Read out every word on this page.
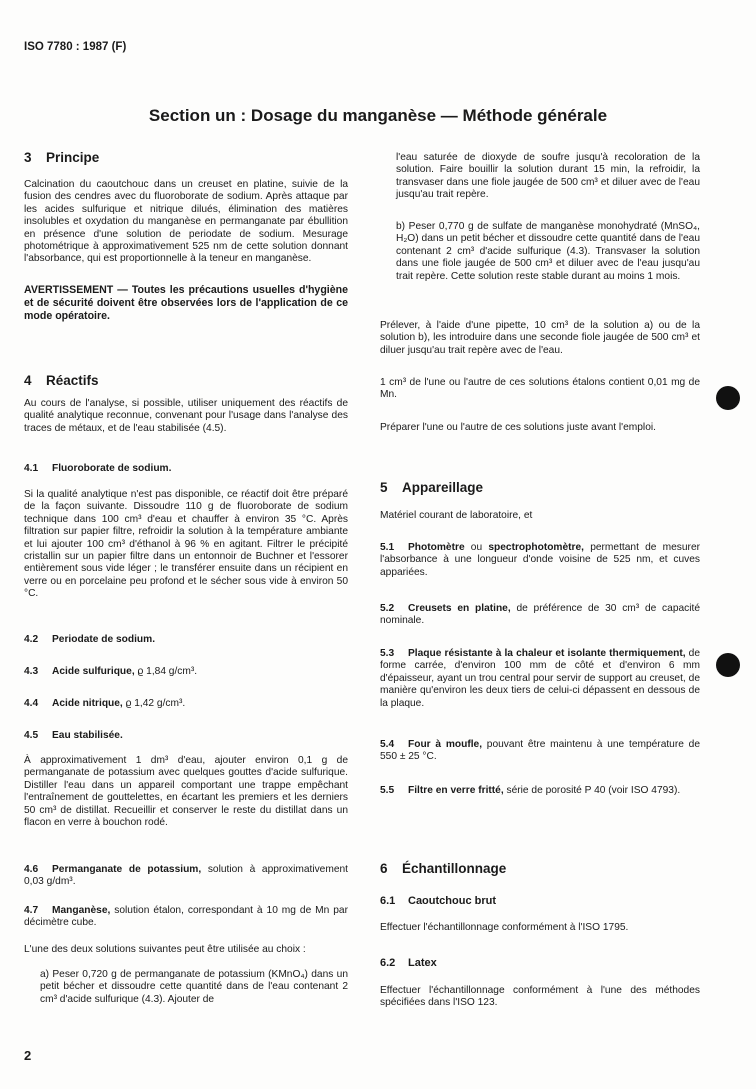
ISO 7780 : 1987 (F)
Section un : Dosage du manganèse — Méthode générale
3 Principe
Calcination du caoutchouc dans un creuset en platine, suivie de la fusion des cendres avec du fluoroborate de sodium. Après attaque par les acides sulfurique et nitrique dilués, élimination des matières insolubles et oxydation du manganèse en permanganate par ébullition en présence d'une solution de periodate de sodium. Mesurage photométrique à approximativement 525 nm de cette solution donnant l'absorbance, qui est proportionnelle à la teneur en manganèse.
AVERTISSEMENT — Toutes les précautions usuelles d'hygiène et de sécurité doivent être observées lors de l'application de ce mode opératoire.
4 Réactifs
Au cours de l'analyse, si possible, utiliser uniquement des réactifs de qualité analytique reconnue, convenant pour l'usage dans l'analyse des traces de métaux, et de l'eau stabilisée (4.5).
4.1 Fluoroborate de sodium.
Si la qualité analytique n'est pas disponible, ce réactif doit être préparé de la façon suivante. Dissoudre 110 g de fluoroborate de sodium technique dans 100 cm³ d'eau et chauffer à environ 35 °C. Après filtration sur papier filtre, refroidir la solution à la température ambiante et lui ajouter 100 cm³ d'éthanol à 96 % en agitant. Filtrer le précipité cristallin sur un papier filtre dans un entonnoir de Buchner et l'essorer entièrement sous vide léger ; le transférer ensuite dans un récipient en verre ou en porcelaine peu profond et le sécher sous vide à environ 50 °C.
4.2 Periodate de sodium.
4.3 Acide sulfurique, ϱ 1,84 g/cm³.
4.4 Acide nitrique, ϱ 1,42 g/cm³.
4.5 Eau stabilisée.
À approximativement 1 dm³ d'eau, ajouter environ 0,1 g de permanganate de potassium avec quelques gouttes d'acide sulfurique. Distiller l'eau dans un appareil comportant une trappe empêchant l'entraînement de gouttelettes, en écartant les premiers et les derniers 50 cm³ de distillat. Recueillir et conserver le reste du distillat dans un flacon en verre à bouchon rodé.
4.6 Permanganate de potassium, solution à approximativement 0,03 g/dm³.
4.7 Manganèse, solution étalon, correspondant à 10 mg de Mn par décimètre cube.
L'une des deux solutions suivantes peut être utilisée au choix :
a) Peser 0,720 g de permanganate de potassium (KMnO₄) dans un petit bécher et dissoudre cette quantité dans de l'eau contenant 2 cm³ d'acide sulfurique (4.3). Ajouter de
2
l'eau saturée de dioxyde de soufre jusqu'à recoloration de la solution. Faire bouillir la solution durant 15 min, la refroidir, la transvaser dans une fiole jaugée de 500 cm³ et diluer avec de l'eau jusqu'au trait repère.
b) Peser 0,770 g de sulfate de manganèse monohydraté (MnSO₄, H₂O) dans un petit bécher et dissoudre cette quantité dans de l'eau contenant 2 cm³ d'acide sulfurique (4.3). Transvaser la solution dans une fiole jaugée de 500 cm³ et diluer avec de l'eau jusqu'au trait repère. Cette solution reste stable durant au moins 1 mois.
Prélever, à l'aide d'une pipette, 10 cm³ de la solution a) ou de la solution b), les introduire dans une seconde fiole jaugée de 500 cm³ et diluer jusqu'au trait repère avec de l'eau.
1 cm³ de l'une ou l'autre de ces solutions étalons contient 0,01 mg de Mn.
Préparer l'une ou l'autre de ces solutions juste avant l'emploi.
5 Appareillage
Matériel courant de laboratoire, et
5.1 Photomètre ou spectrophotomètre, permettant de mesurer l'absorbance à une longueur d'onde voisine de 525 nm, et cuves appariées.
5.2 Creusets en platine, de préférence de 30 cm³ de capacité nominale.
5.3 Plaque résistante à la chaleur et isolante thermiquement, de forme carrée, d'environ 100 mm de côté et d'environ 6 mm d'épaisseur, ayant un trou central pour servir de support au creuset, de manière qu'environ les deux tiers de celui-ci dépassent en dessous de la plaque.
5.4 Four à moufle, pouvant être maintenu à une température de 550 ± 25 °C.
5.5 Filtre en verre fritté, série de porosité P 40 (voir ISO 4793).
6 Échantillonnage
6.1 Caoutchouc brut
Effectuer l'échantillonnage conformément à l'ISO 1795.
6.2 Latex
Effectuer l'échantillonnage conformément à l'une des méthodes spécifiées dans l'ISO 123.
